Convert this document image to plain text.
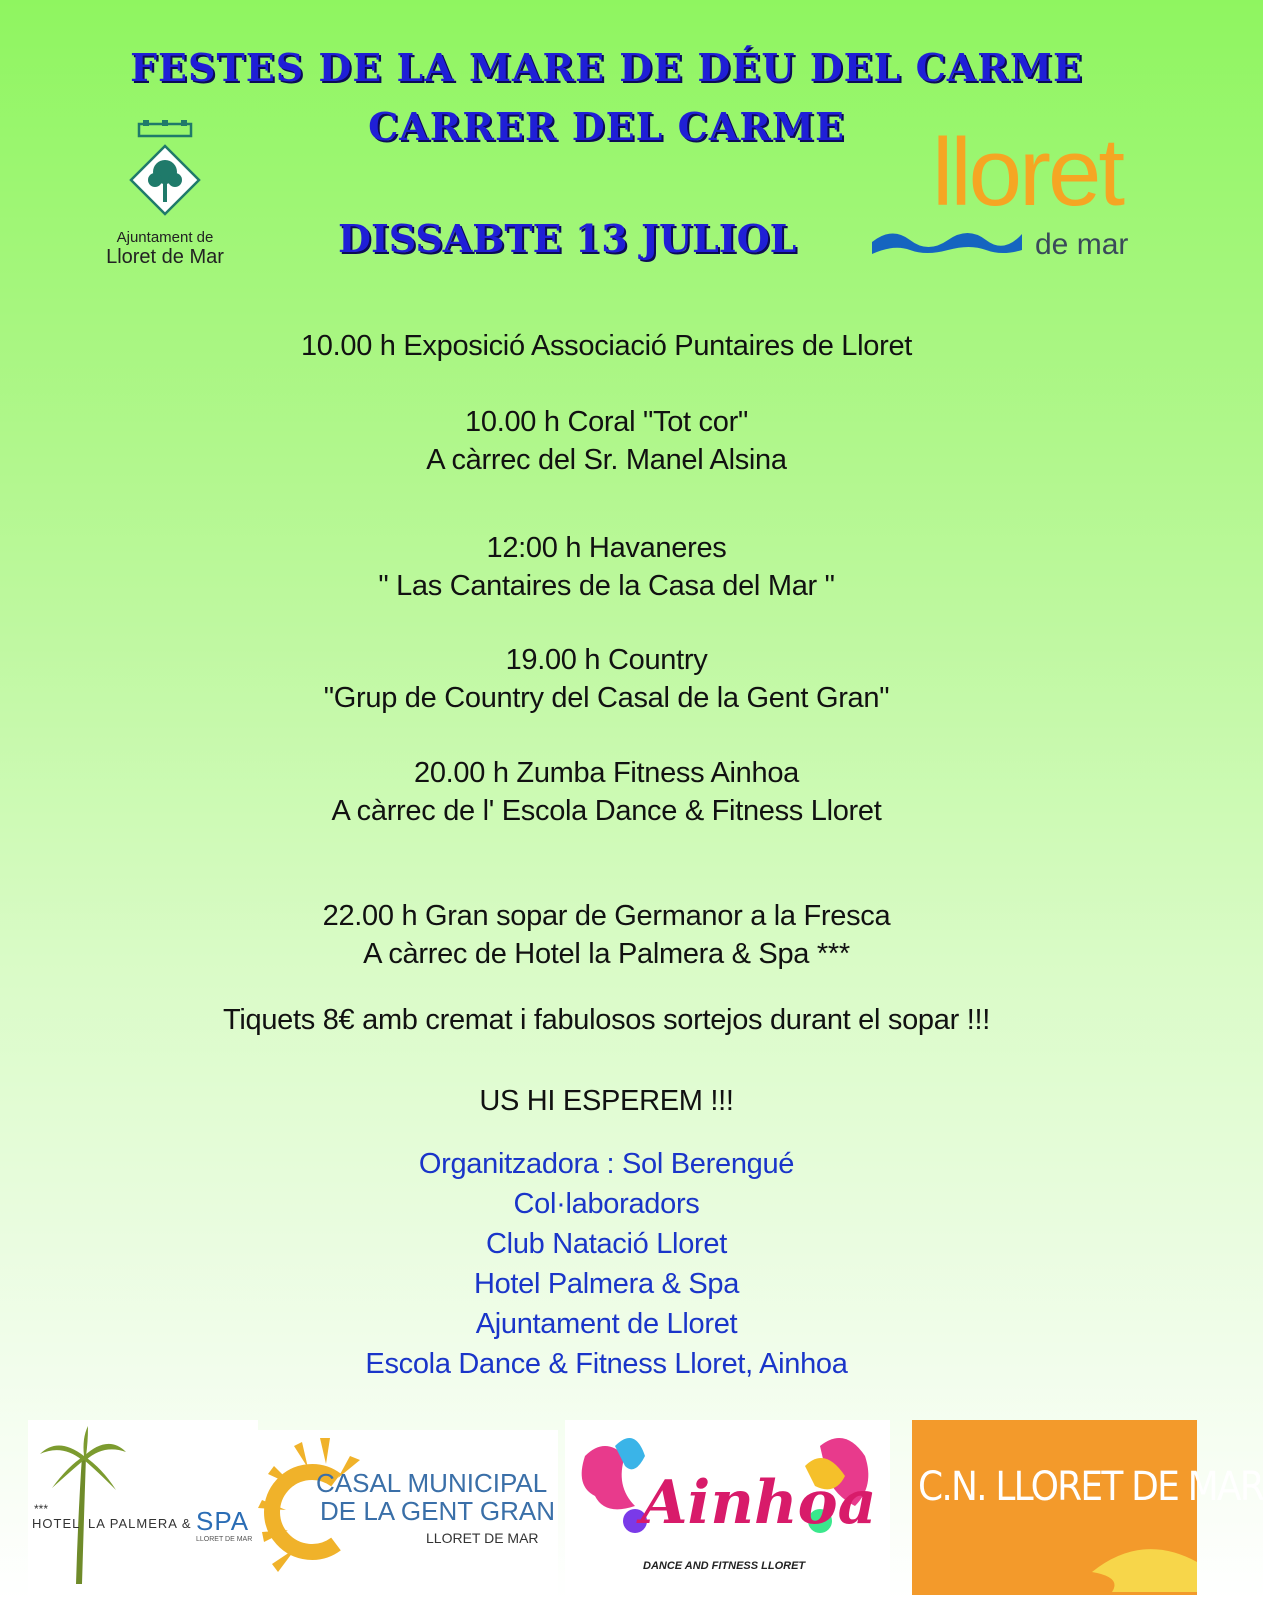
FESTES DE LA MARE DE DÉU DEL CARME
CARRER DEL CARME
DISSABTE 13 JULIOL
Ajuntament de
Lloret de Mar
lloret
de mar
10.00 h Exposició Associació Puntaires de Lloret
10.00 h Coral "Tot cor"
A càrrec del Sr. Manel Alsina
12:00 h Havaneres
" Las Cantaires de la Casa del Mar "
19.00 h Country
"Grup de Country del Casal de la Gent Gran"
20.00 h Zumba Fitness Ainhoa
A càrrec de l' Escola Dance & Fitness Lloret
22.00 h Gran sopar de Germanor a la Fresca
A càrrec de Hotel la Palmera & Spa ***
Tiquets 8€ amb cremat i fabulosos sortejos durant el sopar !!!
US HI ESPEREM !!!
Organitzadora : Sol Berengué
Col·laboradors
Club Natació Lloret
Hotel Palmera & Spa
Ajuntament de Lloret
Escola Dance & Fitness Lloret, Ainhoa
***
HOTEL LA PALMERA & SPA
LLORET DE MAR
CASAL MUNICIPAL
DE LA GENT GRAN
LLORET DE MAR Ainhoa
DANCE AND FITNESS LLORET
C.N. LLORET DE MAR
